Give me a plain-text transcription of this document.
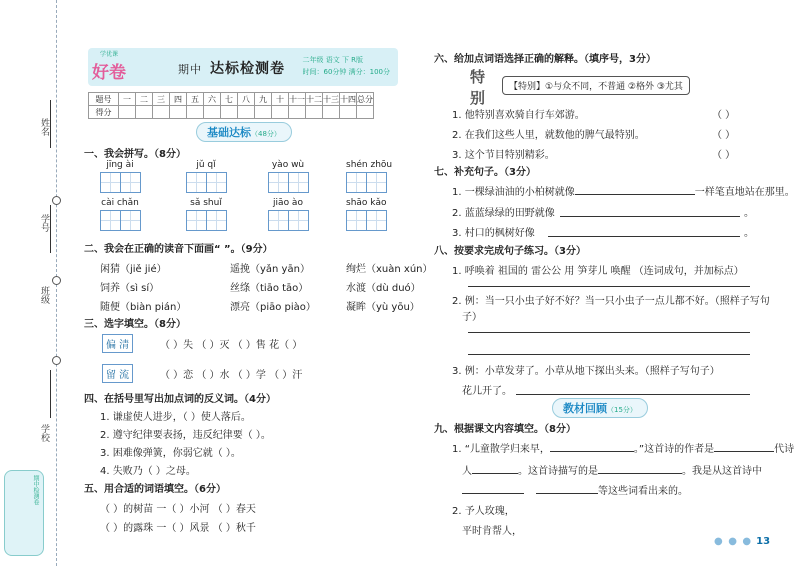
姓名
学号
班级
学校
期中检测卷
学优课
好卷	期中 达标检测卷
二年级 语文 下 R版
时间：60分钟 满分：100分
题号	一	二	三	四	五	六	七	八	九	十	十一	十二	十三	十四	总分
得分															
基础达标（48分）
一、我会拼写。（8分）
jīng ài	jǔ qǐ	yào wù	shén zhōu
cài chǎn	sǎ shuǐ	jiāo ào	shāo kǎo
二、我会在正确的读音下面画“ ”。（9分）
闲猜（jiě jié）	遥挽（yǎn yān）	绚烂（xuàn xún）
饲养（sì sí）	丝绦（tiāo tāo）	水渡（dù duó）
随便（biàn pián）	漂亮（piāo piào）	凝眸（yù yōu）
三、选字填空。（8分）
偏 清	（ ）失 （ ）灭 （ ）售 花（ ）
留 流	（ ）恋 （ ）水 （ ）学 （ ）汗
四、在括号里写出加点词的反义词。（4分）
1. 谦虚使人进步，（ ）使人落后。
2. 遵守纪律要表扬，违反纪律要（ ）。
3. 困难像弹簧，你弱它就（ ）。
4. 失败乃（ ）之母。
五、用合适的词语填空。（6分）
（ ）的树苗 一（ ）小河 （ ）春天
（ ）的露珠 一（ ）风景 （ ）秋千
六、给加点词语选择正确的解释。（填序号，3分）
特别
【特别】①与众不同，不普通 ②格外 ③尤其
1. 他特别喜欢骑自行车郊游。	（ ）
2. 在我们这些人里，就数他的脾气最特别。	（ ）
3. 这个节目特别精彩。	（ ）
七、补充句子。（3分）
1. 一棵绿油油的小柏树就像	一样笔直地站在那里。
2. 蓝蓝绿绿的田野就像	。
3. 村口的枫树好像	。
八、按要求完成句子练习。（3分）
1. 呼唤着 祖国的 雷公公 用 笋芽儿 唤醒 （连词成句，并加标点）
2. 例：当一只小虫子好不好？当一只小虫子一点儿都不好。（照样子写句
子）
3. 例：小草发芽了。小草从地下探出头来。（照样子写句子）
花儿开了。
教材回顾（15分）
九、根据课文内容填空。（8分）
1. “儿童散学归来早，	。”这首诗的作者是	代诗
人	。这首诗描写的是	。我是从这首诗中
等这些词看出来的。
2. 予人玫瑰，
平时肯帮人，
● ● ● 13
